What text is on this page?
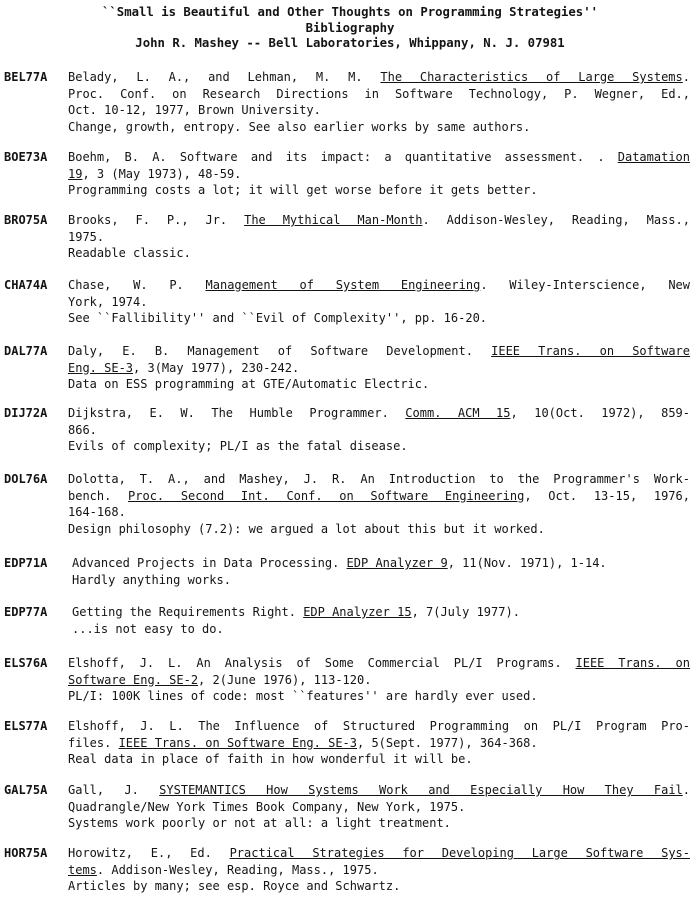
``Small is Beautiful and Other Thoughts on Programming Strategies''
Bibliography
John R. Mashey -- Bell Laboratories, Whippany, N. J. 07981
BEL77A Belady, L. A., and Lehman, M. M. The Characteristics of Large Systems.
Proc. Conf. on Research Directions in Software Technology, P. Wegner, Ed.,
Oct. 10-12, 1977, Brown University.
Change, growth, entropy. See also earlier works by same authors.
BOE73A Boehm, B. A. Software and its impact: a quantitative assessment. . Datamation
19, 3 (May 1973), 48-59.
Programming costs a lot; it will get worse before it gets better.
BRO75A Brooks, F. P., Jr. The Mythical Man-Month. Addison-Wesley, Reading, Mass.,
1975.
Readable classic.
CHA74A Chase, W. P. Management of System Engineering. Wiley-Interscience, New
York, 1974.
See ``Fallibility'' and ``Evil of Complexity'', pp. 16-20.
DAL77A Daly, E. B. Management of Software Development. IEEE Trans. on Software
Eng. SE-3, 3(May 1977), 230-242.
Data on ESS programming at GTE/Automatic Electric.
DIJ72A Dijkstra, E. W. The Humble Programmer. Comm. ACM 15, 10(Oct. 1972), 859-
866.
Evils of complexity; PL/I as the fatal disease.
DOL76A Dolotta, T. A., and Mashey, J. R. An Introduction to the Programmer's Work-
bench. Proc. Second Int. Conf. on Software Engineering, Oct. 13-15, 1976,
164-168.
Design philosophy (7.2): we argued a lot about this but it worked.
EDP71A Advanced Projects in Data Processing. EDP Analyzer 9, 11(Nov. 1971), 1-14.
Hardly anything works.
EDP77A Getting the Requirements Right. EDP Analyzer 15, 7(July 1977).
...is not easy to do.
ELS76A Elshoff, J. L. An Analysis of Some Commercial PL/I Programs. IEEE Trans. on
Software Eng. SE-2, 2(June 1976), 113-120.
PL/I: 100K lines of code: most ``features'' are hardly ever used.
ELS77A Elshoff, J. L. The Influence of Structured Programming on PL/I Program Pro-
files. IEEE Trans. on Software Eng. SE-3, 5(Sept. 1977), 364-368.
Real data in place of faith in how wonderful it will be.
GAL75A Gall, J. SYSTEMANTICS How Systems Work and Especially How They Fail.
Quadrangle/New York Times Book Company, New York, 1975.
Systems work poorly or not at all: a light treatment.
HOR75A Horowitz, E., Ed. Practical Strategies for Developing Large Software Sys-
tems. Addison-Wesley, Reading, Mass., 1975.
Articles by many; see esp. Royce and Schwartz.
